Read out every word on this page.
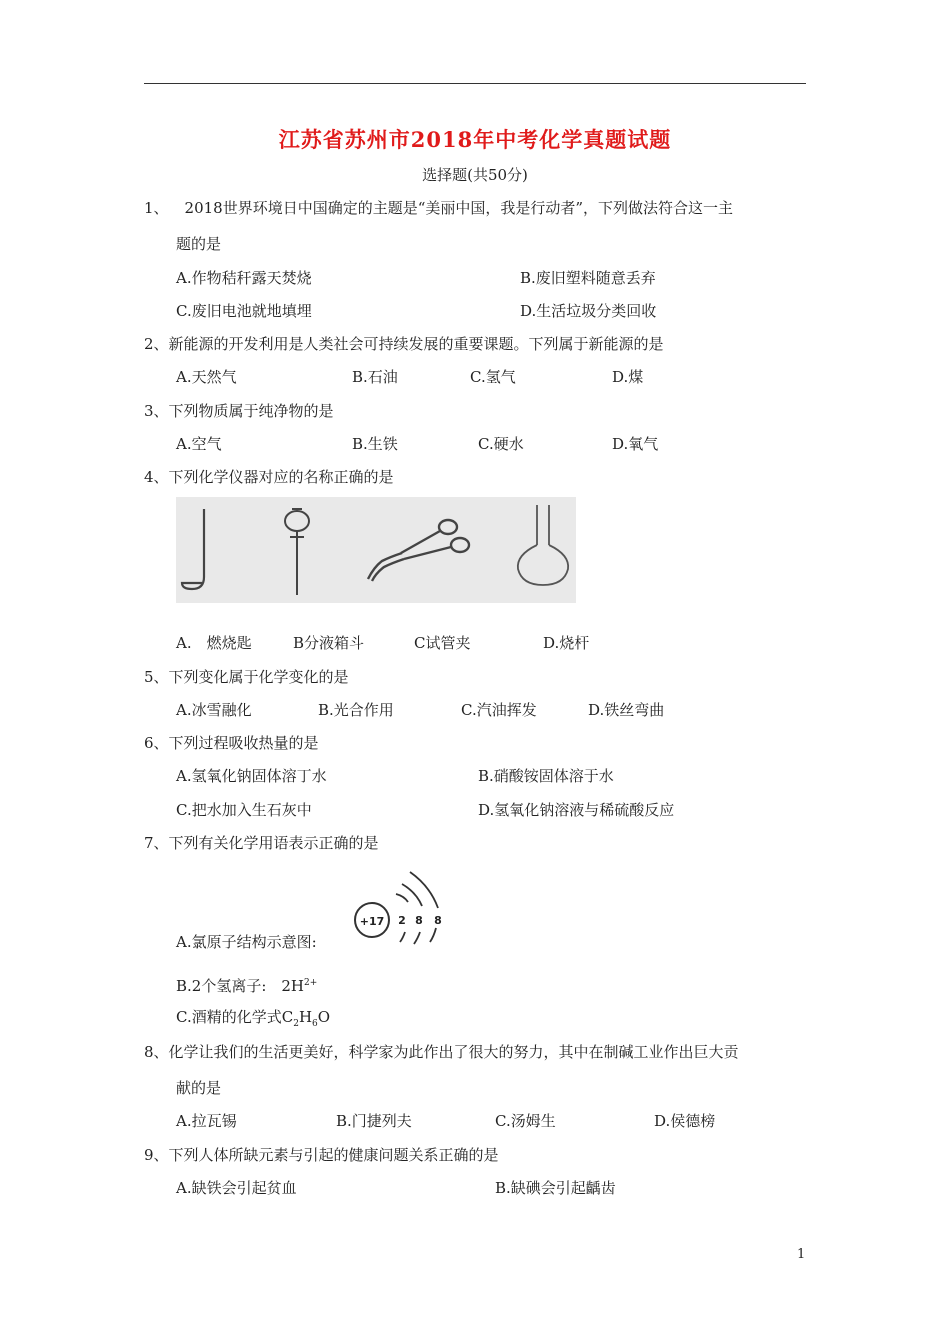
江苏省苏州市2018年中考化学真题试题
选择题(共50分)
1、 2018世界环境日中国确定的主题是“美丽中国，我是行动者”，下列做法符合这一主
题的是
A.作物秸秆露天焚烧	B.废旧塑料随意丢弃
C.废旧电池就地填埋	D.生活垃圾分类回收
2、新能源的开发利用是人类社会可持续发展的重要课题。下列属于新能源的是
A.天然气	B.石油	C.氢气	D.煤
3、下列物质属于纯净物的是
A.空气	B.生铁	C.硬水	D.氧气
4、下列化学仪器对应的名称正确的是
A.　燃烧匙	B分液箱斗	C试管夹	D.烧杆
5、下列变化属于化学变化的是
A.冰雪融化	B.光合作用	C.汽油挥发	D.铁丝弯曲
6、下列过程吸收热量的是
A.氢氧化钠固体溶丁水	B.硝酸铵固体溶于水
C.把水加入生石灰中	D.氢氧化钠溶液与稀硫酸反应
7、下列有关化学用语表示正确的是
+17 2 8 8
A.氯原子结构示意图:
B.2个氢离子:　$2H^{2+}$
C.酒精的化学式$C_2H_6O$
8、化学让我们的生活更美好，科学家为此作出了很大的努力，其中在制碱工业作出巨大贡
献的是
A.拉瓦锡	B.门捷列夫	C.汤姆生	D.侯德榜
9、下列人体所缺元素与引起的健康问题关系正确的是
A.缺铁会引起贫血	B.缺碘会引起齲齿
1
